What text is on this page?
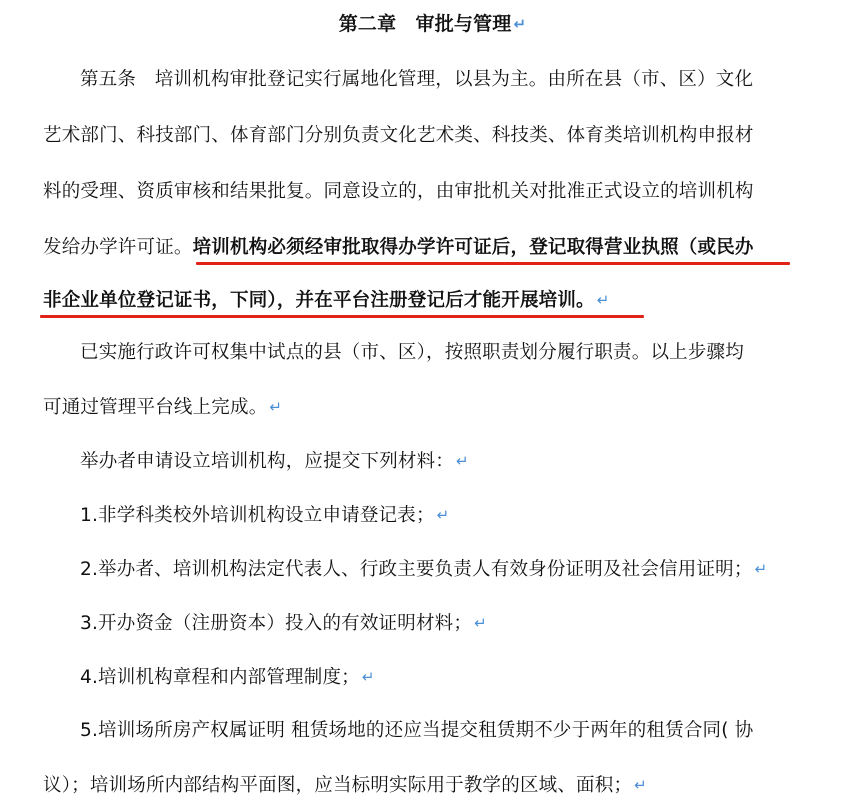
第二章　审批与管理 ↵
第五条　培训机构审批登记实行属地化管理，以县为主。由所在县（市、区）文化
艺术部门、科技部门、体育部门分别负责文化艺术类、科技类、体育类培训机构申报材
料的受理、资质审核和结果批复。同意设立的，由审批机关对批准正式设立的培训机构
发给办学许可证。培训机构必须经审批取得办学许可证后，登记取得营业执照（或民办
非企业单位登记证书，下同），并在平台注册登记后才能开展培训。 ↵
已实施行政许可权集中试点的县（市、区），按照职责划分履行职责。以上步骤均
可通过管理平台线上完成。 ↵
举办者申请设立培训机构，应提交下列材料： ↵
1.非学科类校外培训机构设立申请登记表； ↵
2.举办者、培训机构法定代表人、行政主要负责人有效身份证明及社会信用证明； ↵
3.开办资金（注册资本）投入的有效证明材料； ↵
4.培训机构章程和内部管理制度； ↵
5.培训场所房产权属证明 租赁场地的还应当提交租赁期不少于两年的租赁合同( 协
议）；培训场所内部结构平面图，应当标明实际用于教学的区域、面积； ↵
